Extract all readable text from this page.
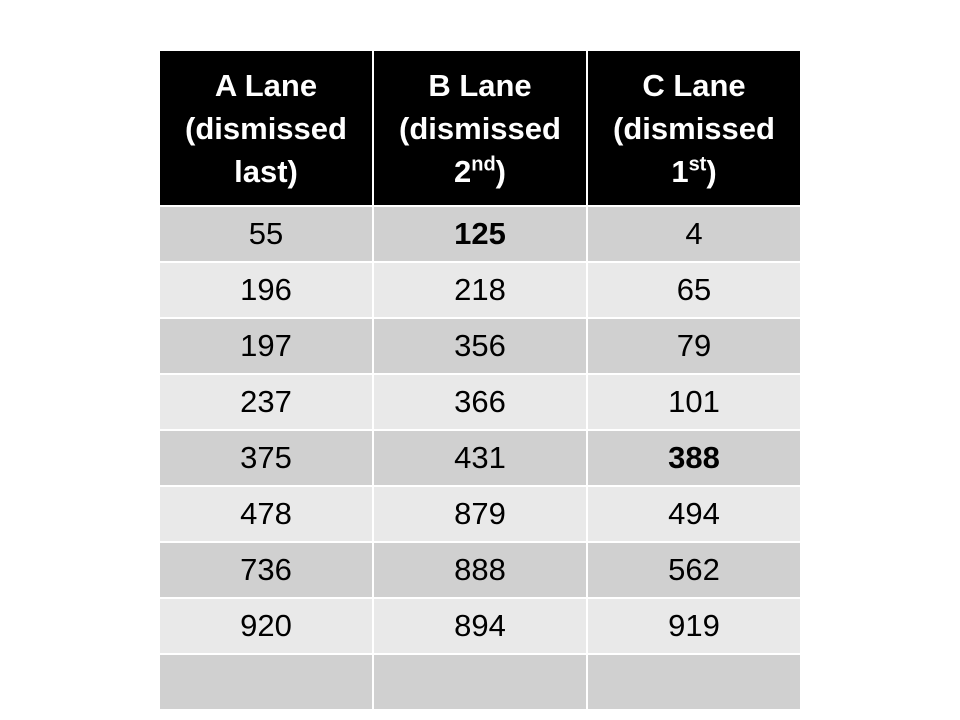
A Lane
(dismissed
last)	B Lane
(dismissed
2nd)	C Lane
(dismissed
1st)
55	125	4
196	218	65
197	356	79
237	366	101
375	431	388
478	879	494
736	888	562
920	894	919
